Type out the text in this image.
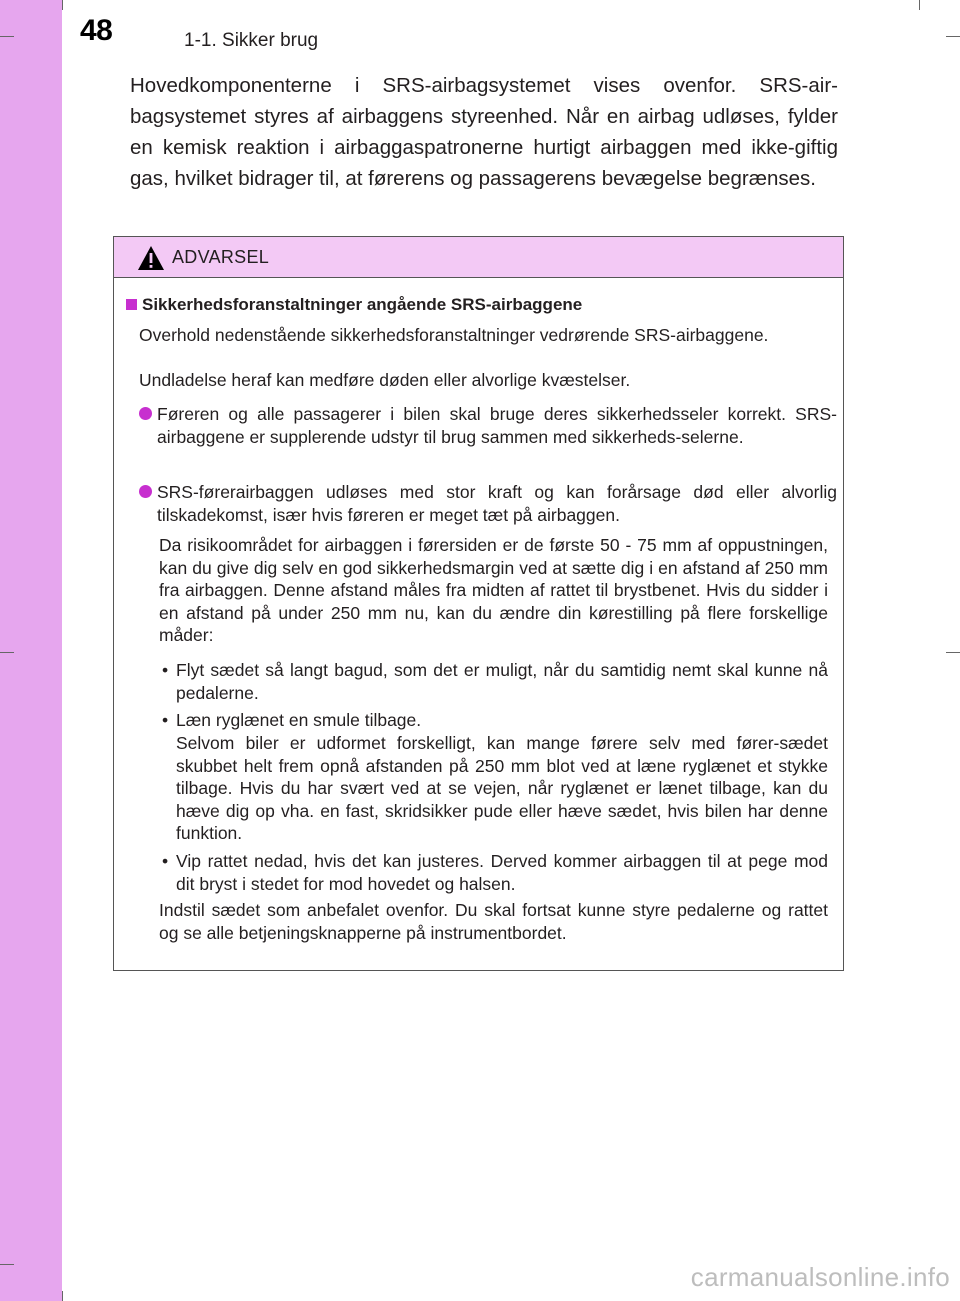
48	1-1. Sikker brug
Hovedkomponenterne i SRS-airbagsystemet vises ovenfor. SRS-air-bagsystemet styres af airbaggens styreenhed. Når en airbag udløses, fylder en kemisk reaktion i airbaggaspatronerne hurtigt airbaggen med ikke-giftig gas, hvilket bidrager til, at førerens og passagerens bevægelse begrænses.
ADVARSEL
Sikkerhedsforanstaltninger angående SRS-airbaggene
Overhold nedenstående sikkerhedsforanstaltninger vedrørende SRS-airbaggene.
Undladelse heraf kan medføre døden eller alvorlige kvæstelser.
Føreren og alle passagerer i bilen skal bruge deres sikkerhedsseler korrekt. SRS-airbaggene er supplerende udstyr til brug sammen med sikkerheds-selerne.
SRS-førerairbaggen udløses med stor kraft og kan forårsage død eller alvorlig tilskadekomst, især hvis føreren er meget tæt på airbaggen.
Da risikoområdet for airbaggen i førersiden er de første 50 - 75 mm af oppustningen, kan du give dig selv en god sikkerhedsmargin ved at sætte dig i en afstand af 250 mm fra airbaggen. Denne afstand måles fra midten af rattet til brystbenet. Hvis du sidder i en afstand på under 250 mm nu, kan du ændre din kørestilling på flere forskellige måder:
• Flyt sædet så langt bagud, som det er muligt, når du samtidig nemt skal kunne nå pedalerne.
• Læn ryglænet en smule tilbage.
Selvom biler er udformet forskelligt, kan mange førere selv med fører-sædet skubbet helt frem opnå afstanden på 250 mm blot ved at læne ryglænet et stykke tilbage. Hvis du har svært ved at se vejen, når ryglænet er lænet tilbage, kan du hæve dig op vha. en fast, skridsikker pude eller hæve sædet, hvis bilen har denne funktion.
• Vip rattet nedad, hvis det kan justeres. Derved kommer airbaggen til at pege mod dit bryst i stedet for mod hovedet og halsen.
Indstil sædet som anbefalet ovenfor. Du skal fortsat kunne styre pedalerne og rattet og se alle betjeningsknapperne på instrumentbordet.
carmanualsonline.info
